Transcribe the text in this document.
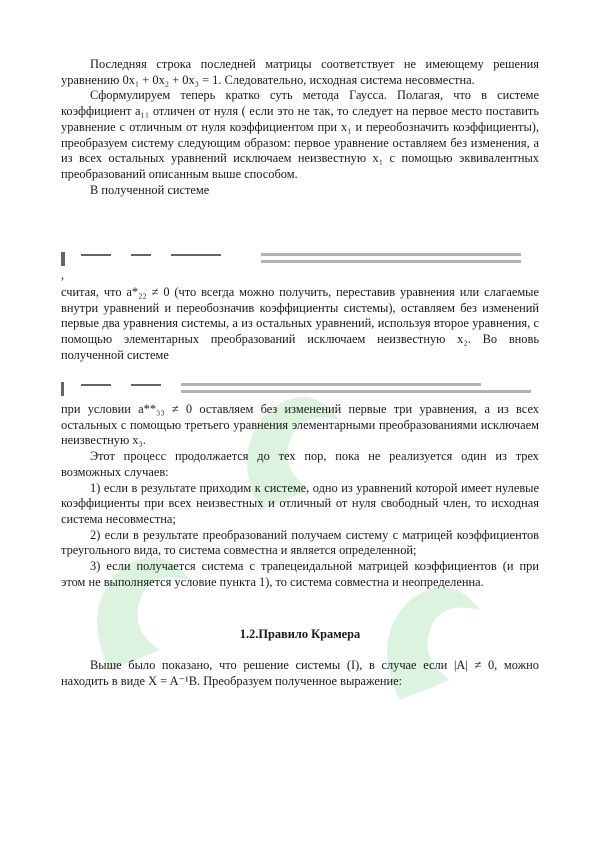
Последняя строка последней матрицы соответствует не имеющему решения уравнению 0x₁ + 0x₂ + 0x₃ = 1. Следовательно, исходная система несовместна.

Сформулируем теперь кратко суть метода Гаусса. Полагая, что в системе коэффициент a₁₁ отличен от нуля ( если это не так, то следует на первое место поставить уравнение с отличным от нуля коэффициентом при x₁ и переобозначить коэффициенты), преобразуем систему следующим образом: первое уравнение оставляем без изменения, а из всех остальных уравнений исключаем неизвестную x₁ с помощью эквивалентных преобразований описанным выше способом.

В полученной системе

,

считая, что a*₂₂ ≠ 0 (что всегда можно получить, переставив уравнения или слагаемые внутри уравнений и переобозначив коэффициенты системы), оставляем без изменений первые два уравнения системы, а из остальных уравнений, используя второе уравнения, с помощью элементарных преобразований исключаем неизвестную x₂. Во вновь полученной системе

при условии a**₃₃ ≠ 0 оставляем без изменений первые три уравнения, а из всех остальных с помощью третьего уравнения элементарными преобразованиями исключаем неизвестную x₃.

Этот процесс продолжается до тех пор, пока не реализуется один из трех возможных случаев:

1) если в результате приходим к системе, одно из уравнений которой имеет нулевые коэффициенты при всех неизвестных и отличный от нуля свободный член, то исходная система несовместна;

2) если в результате преобразований получаем систему с матрицей коэффициентов треугольного вида, то система совместна и является определенной;

3) если получается система с трапецеидальной матрицей коэффициентов (и при этом не выполняется условие пункта 1), то система совместна и неопределенна.

1.2.Правило Крамера

Выше было показано, что решение системы (I), в случае если |A| ≠ 0, можно находить в виде X = A⁻¹B. Преобразуем полученное выражение:
